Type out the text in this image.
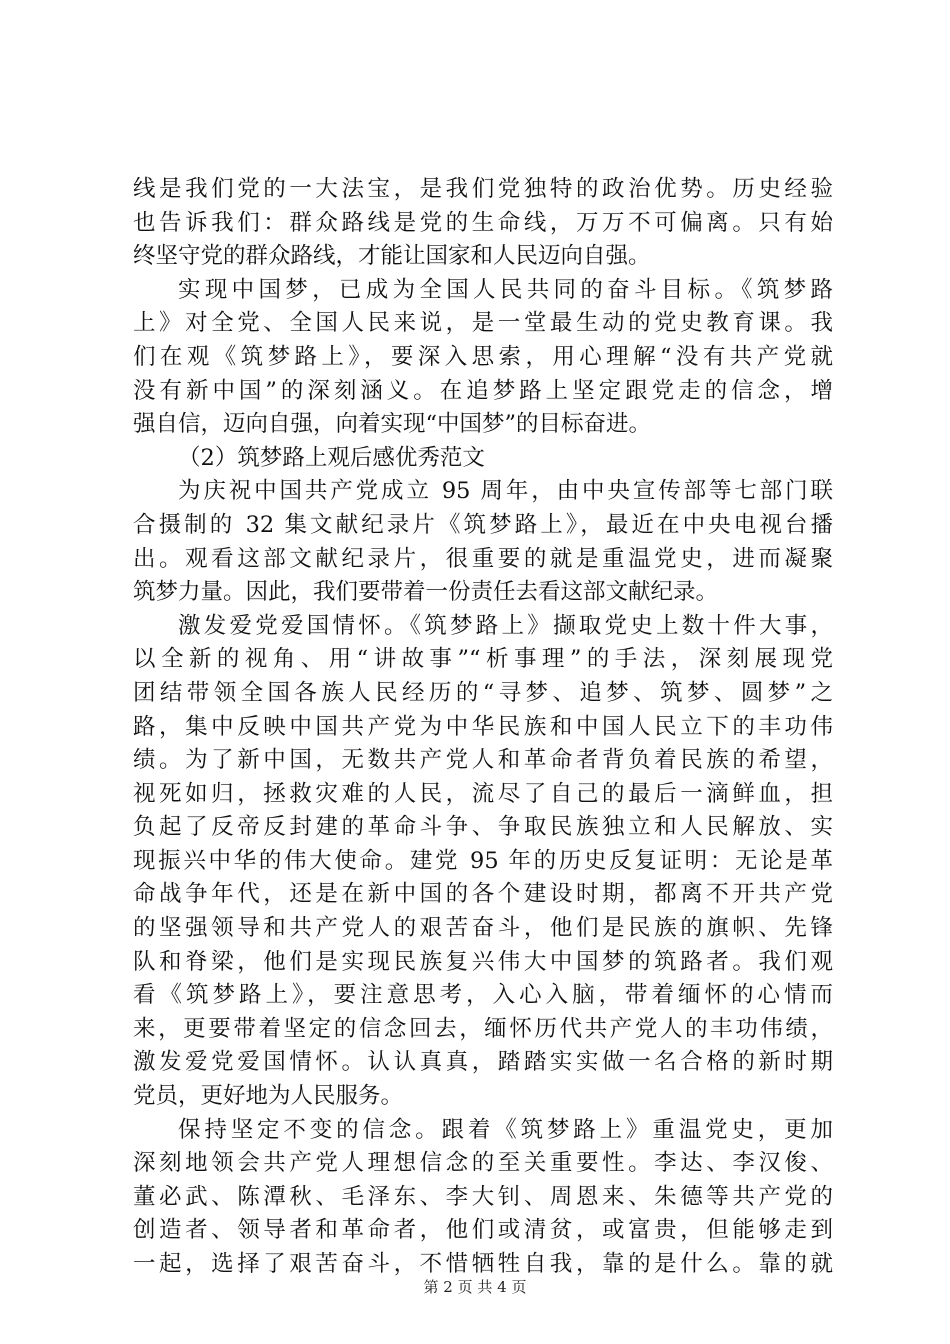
线是我们党的一大法宝，是我们党独特的政治优势。历史经验
也告诉我们：群众路线是党的生命线，万万不可偏离。只有始
终坚守党的群众路线，才能让国家和人民迈向自强。
实现中国梦，已成为全国人民共同的奋斗目标。《筑梦路
上》对全党、全国人民来说，是一堂最生动的党史教育课。我
们在观《筑梦路上》，要深入思索，用心理解“没有共产党就
没有新中国”的深刻涵义。在追梦路上坚定跟党走的信念，增
强自信，迈向自强，向着实现“中国梦”的目标奋进。
（2）筑梦路上观后感优秀范文
为庆祝中国共产党成立 95 周年，由中央宣传部等七部门联
合摄制的 32 集文献纪录片《筑梦路上》，最近在中央电视台播
出。观看这部文献纪录片，很重要的就是重温党史，进而凝聚
筑梦力量。因此，我们要带着一份责任去看这部文献纪录。
激发爱党爱国情怀。《筑梦路上》撷取党史上数十件大事，
以全新的视角、用“讲故事”“析事理”的手法，深刻展现党
团结带领全国各族人民经历的“寻梦、追梦、筑梦、圆梦”之
路，集中反映中国共产党为中华民族和中国人民立下的丰功伟
绩。为了新中国，无数共产党人和革命者背负着民族的希望，
视死如归，拯救灾难的人民，流尽了自己的最后一滴鲜血，担
负起了反帝反封建的革命斗争、争取民族独立和人民解放、实
现振兴中华的伟大使命。建党 95 年的历史反复证明：无论是革
命战争年代，还是在新中国的各个建设时期，都离不开共产党
的坚强领导和共产党人的艰苦奋斗，他们是民族的旗帜、先锋
队和脊梁，他们是实现民族复兴伟大中国梦的筑路者。我们观
看《筑梦路上》，要注意思考，入心入脑，带着缅怀的心情而
来，更要带着坚定的信念回去，缅怀历代共产党人的丰功伟绩，
激发爱党爱国情怀。认认真真，踏踏实实做一名合格的新时期
党员，更好地为人民服务。
保持坚定不变的信念。跟着《筑梦路上》重温党史，更加
深刻地领会共产党人理想信念的至关重要性。李达、李汉俊、
董必武、陈潭秋、毛泽东、李大钊、周恩来、朱德等共产党的
创造者、领导者和革命者，他们或清贫，或富贵，但能够走到
一起，选择了艰苦奋斗，不惜牺牲自我，靠的是什么。靠的就
第 2 页 共 4 页
